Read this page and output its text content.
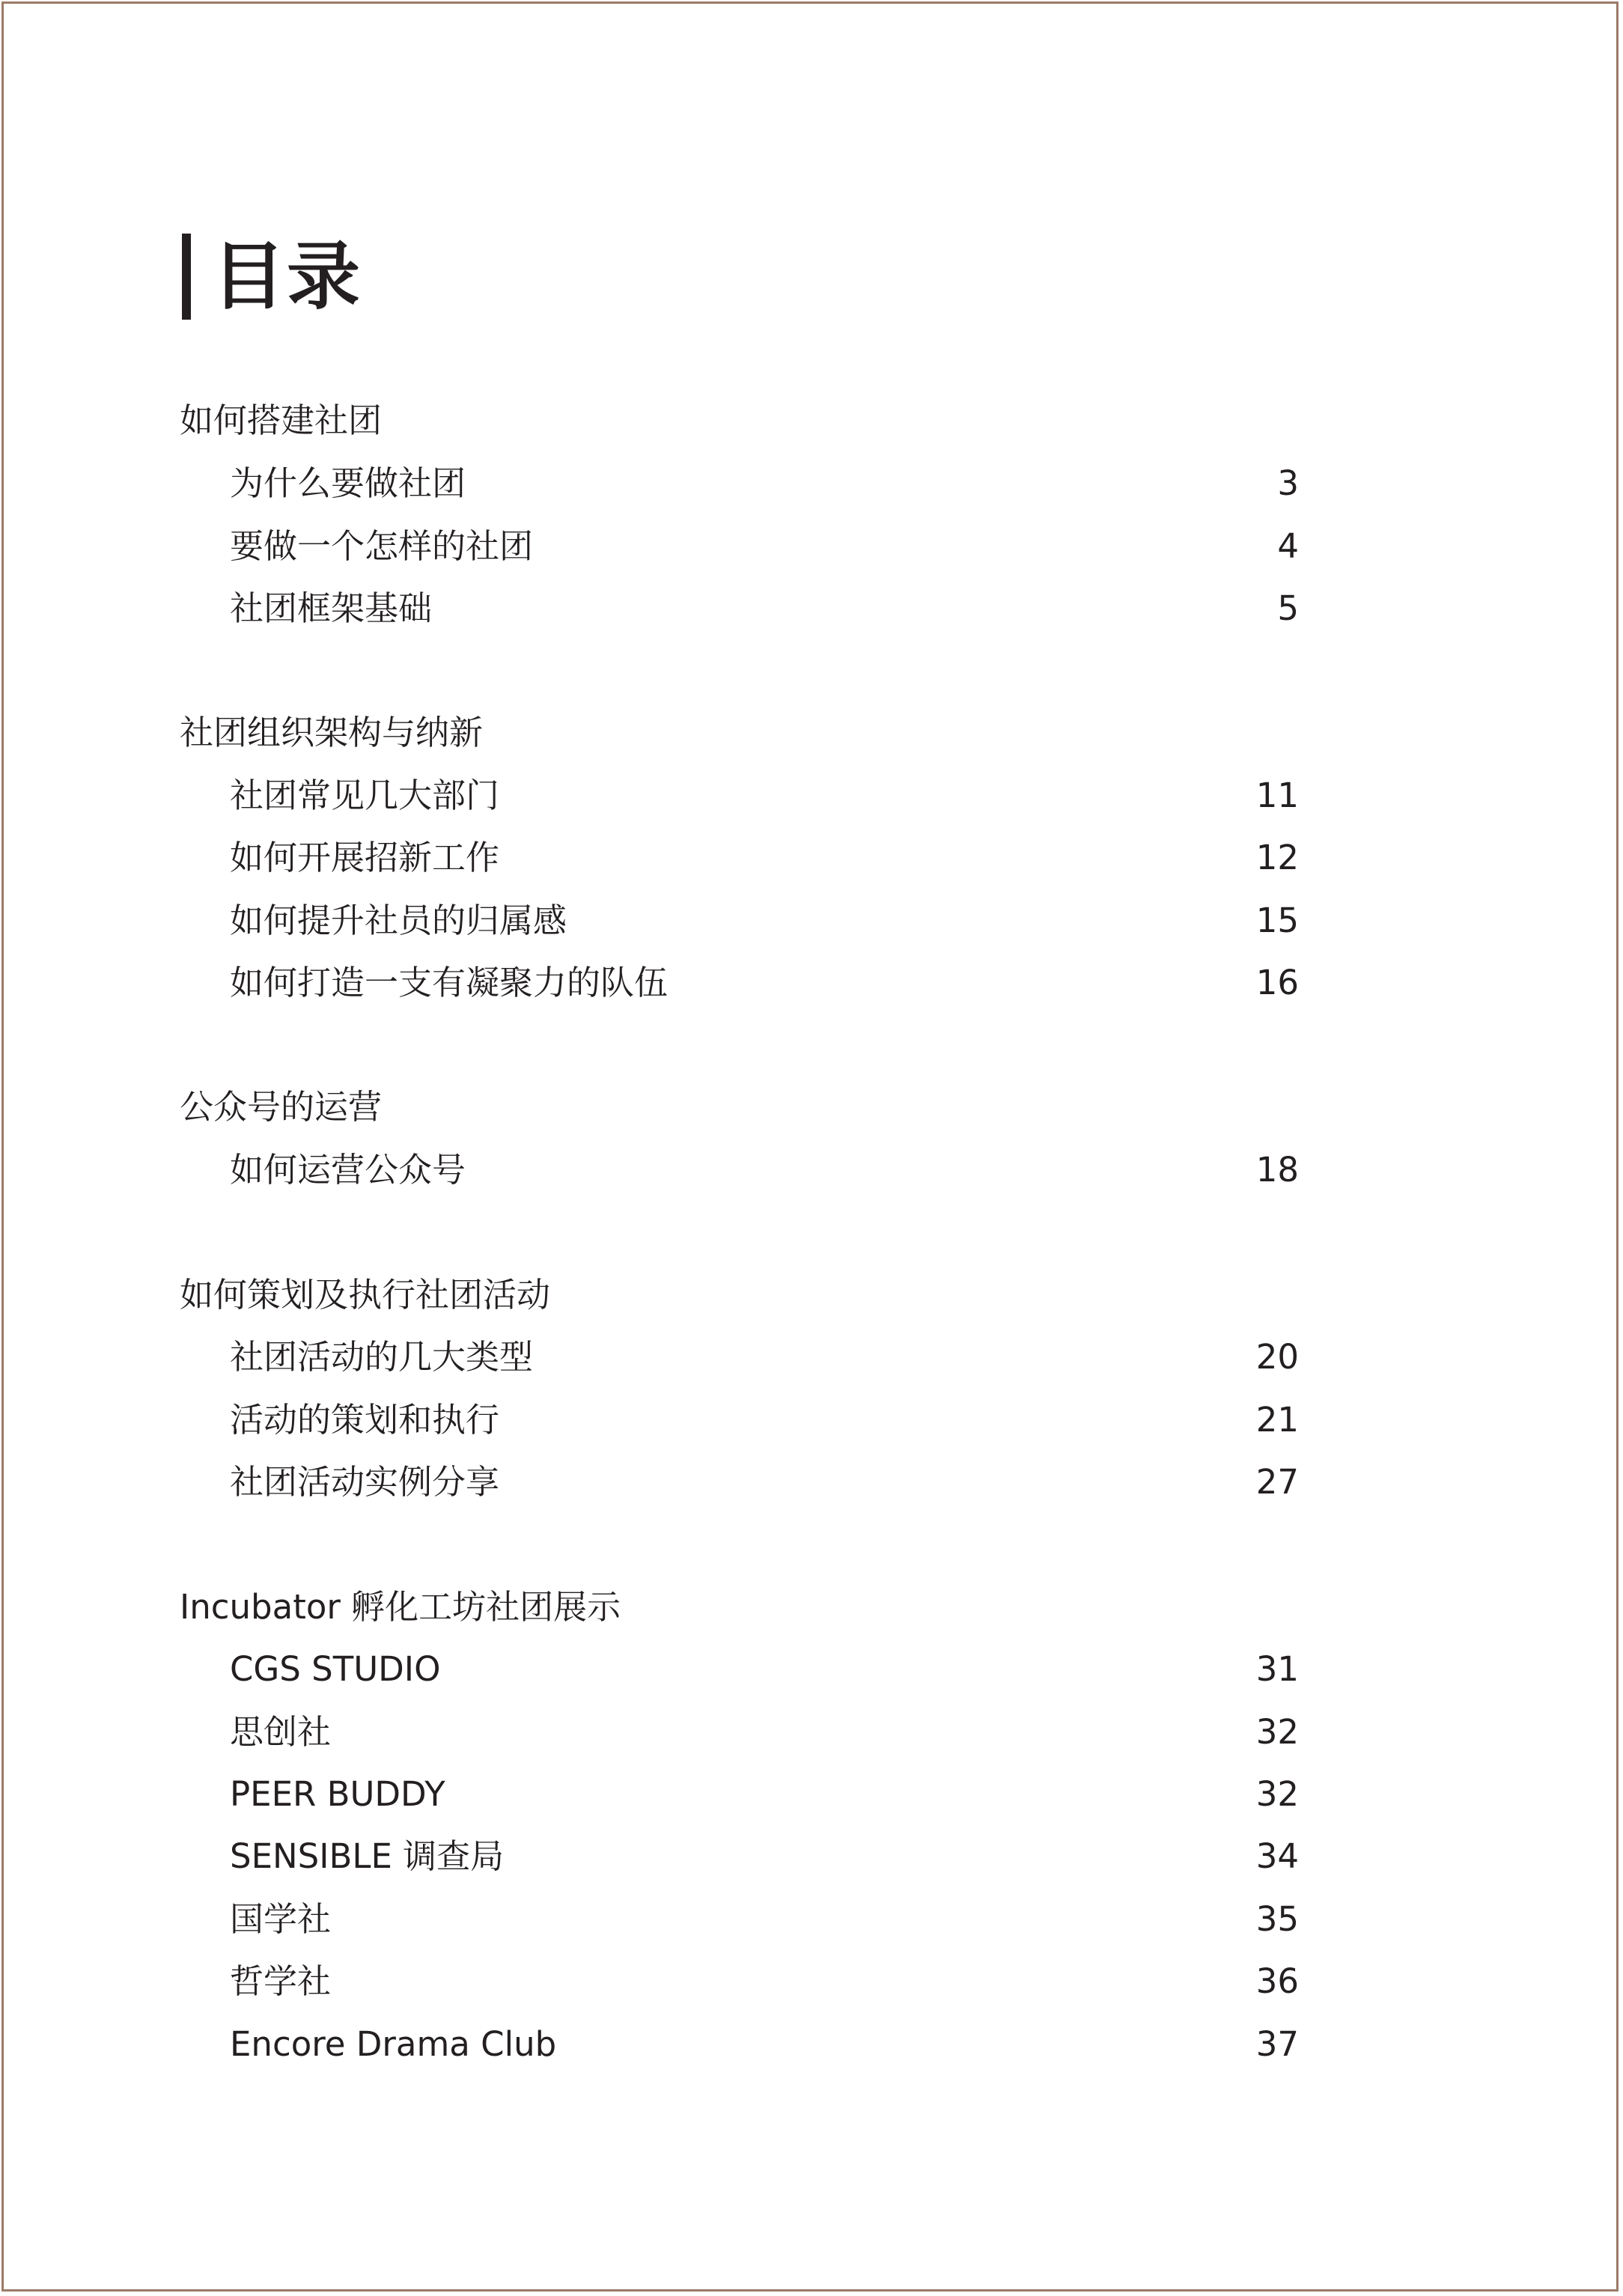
目录
如何搭建社团
为什么要做社团	3
要做一个怎样的社团	4
社团框架基础	5
社团组织架构与纳新
社团常见几大部门	11
如何开展招新工作	12
如何提升社员的归属感	15
如何打造一支有凝聚力的队伍	16
公众号的运营
如何运营公众号	18
如何策划及执行社团活动
社团活动的几大类型	20
活动的策划和执行	21
社团活动实例分享	27
Incubator 孵化工坊社团展示
CGS STUDIO	31
思创社	32
PEER BUDDY	32
SENSIBLE 调查局	34
国学社	35
哲学社	36
Encore Drama Club	37
